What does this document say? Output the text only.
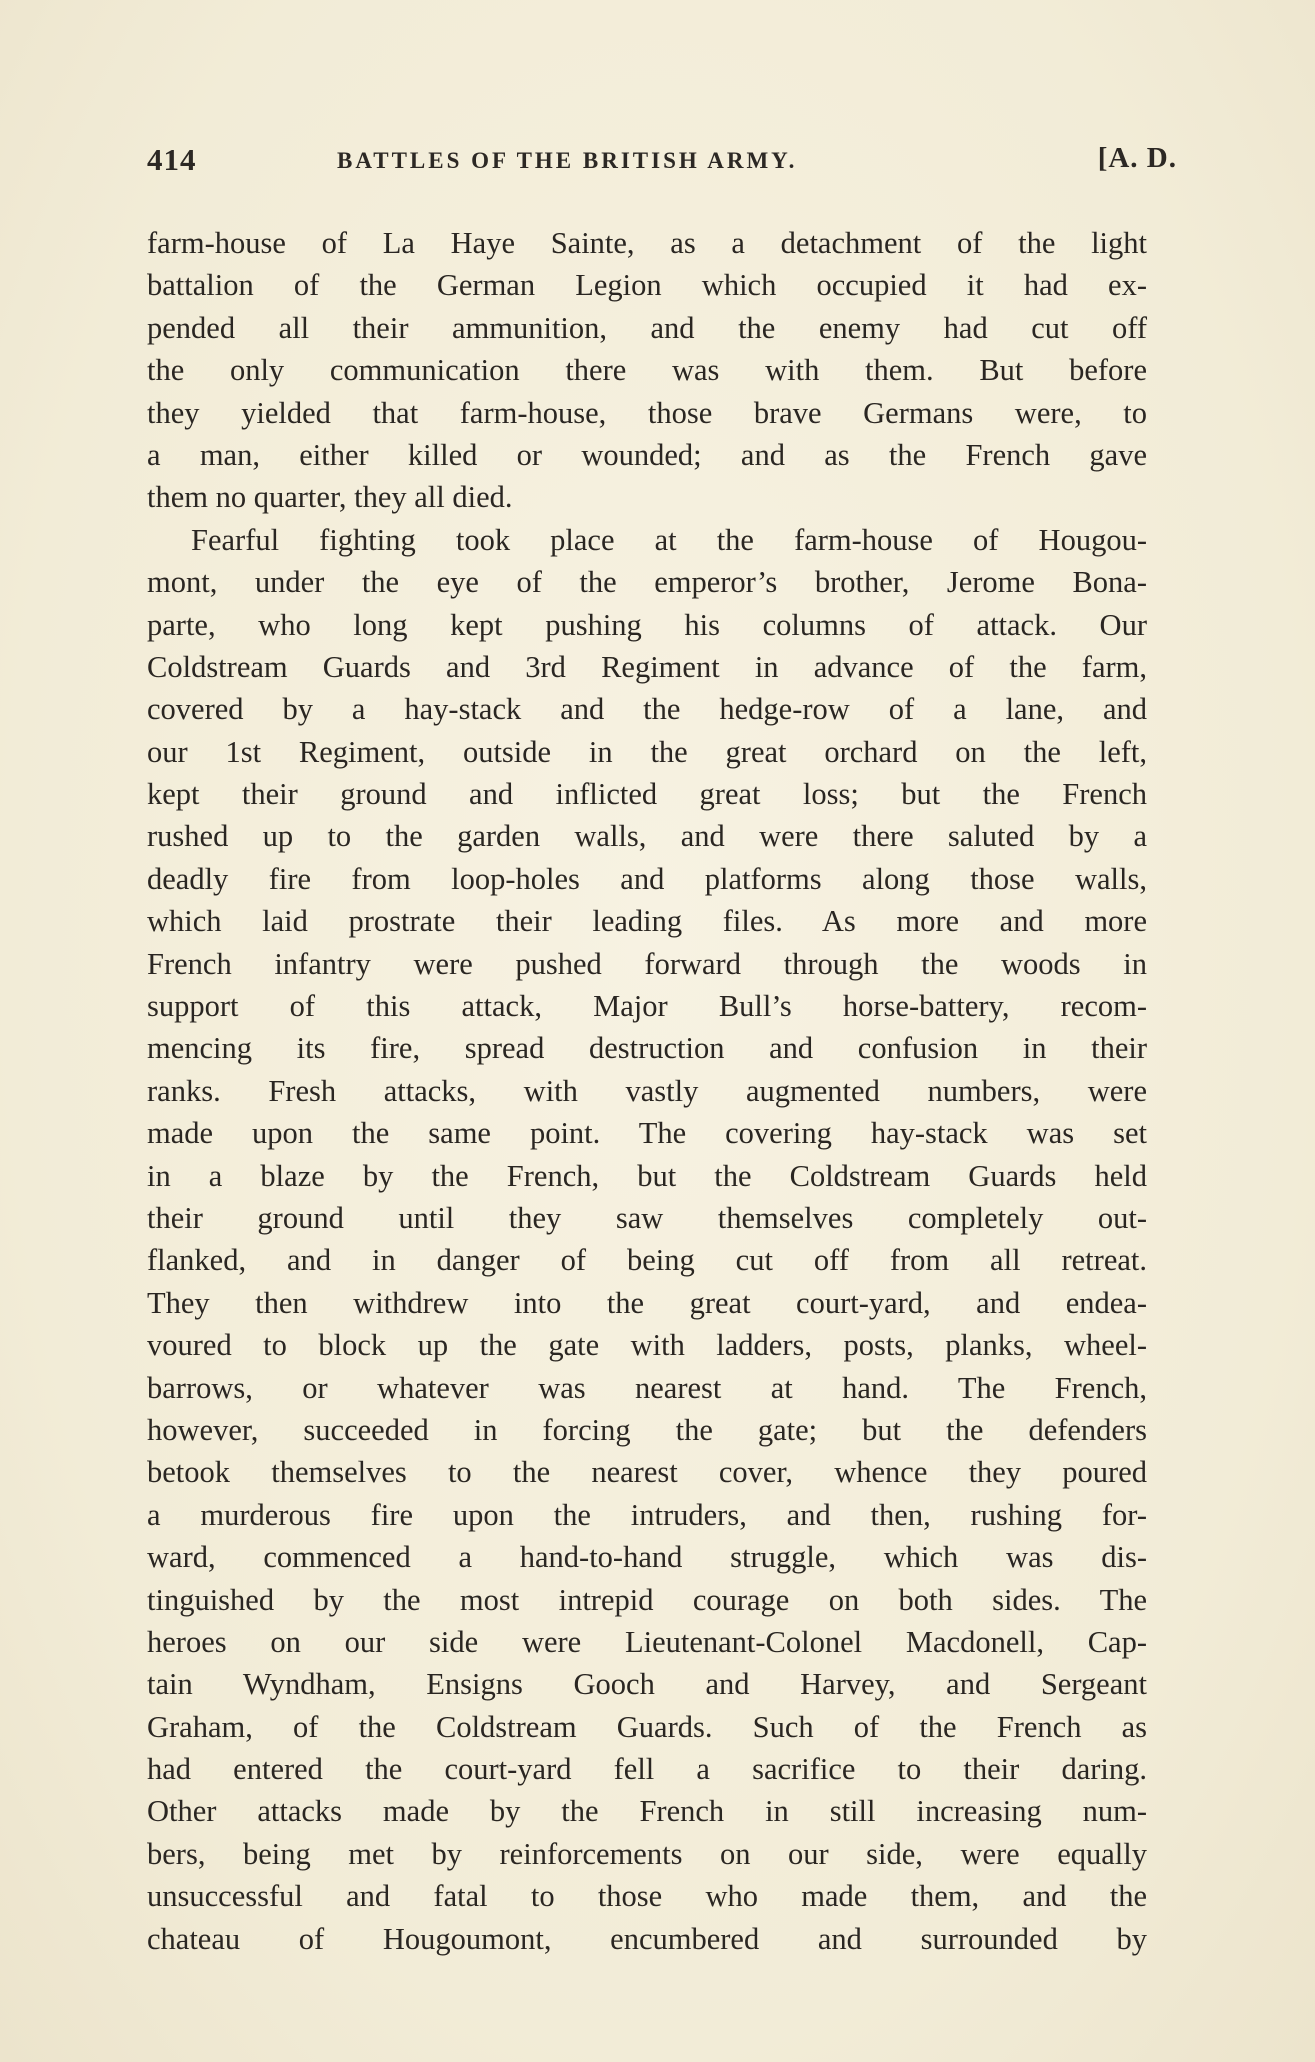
414	BATTLES OF THE BRITISH ARMY.	[A. D.
farm-house of La Haye Sainte, as a detachment of the light
battalion of the German Legion which occupied it had ex-
pended all their ammunition, and the enemy had cut off
the only communication there was with them. But before
they yielded that farm-house, those brave Germans were, to
a man, either killed or wounded; and as the French gave
them no quarter, they all died.
Fearful fighting took place at the farm-house of Hougou-
mont, under the eye of the emperor’s brother, Jerome Bona-
parte, who long kept pushing his columns of attack. Our
Coldstream Guards and 3rd Regiment in advance of the farm,
covered by a hay-stack and the hedge-row of a lane, and
our 1st Regiment, outside in the great orchard on the left,
kept their ground and inflicted great loss; but the French
rushed up to the garden walls, and were there saluted by a
deadly fire from loop-holes and platforms along those walls,
which laid prostrate their leading files. As more and more
French infantry were pushed forward through the woods in
support of this attack, Major Bull’s horse-battery, recom-
mencing its fire, spread destruction and confusion in their
ranks. Fresh attacks, with vastly augmented numbers, were
made upon the same point. The covering hay-stack was set
in a blaze by the French, but the Coldstream Guards held
their ground until they saw themselves completely out-
flanked, and in danger of being cut off from all retreat.
They then withdrew into the great court-yard, and endea-
voured to block up the gate with ladders, posts, planks, wheel-
barrows, or whatever was nearest at hand. The French,
however, succeeded in forcing the gate; but the defenders
betook themselves to the nearest cover, whence they poured
a murderous fire upon the intruders, and then, rushing for-
ward, commenced a hand-to-hand struggle, which was dis-
tinguished by the most intrepid courage on both sides. The
heroes on our side were Lieutenant-Colonel Macdonell, Cap-
tain Wyndham, Ensigns Gooch and Harvey, and Sergeant
Graham, of the Coldstream Guards. Such of the French as
had entered the court-yard fell a sacrifice to their daring.
Other attacks made by the French in still increasing num-
bers, being met by reinforcements on our side, were equally
unsuccessful and fatal to those who made them, and the
chateau of Hougoumont, encumbered and surrounded by
